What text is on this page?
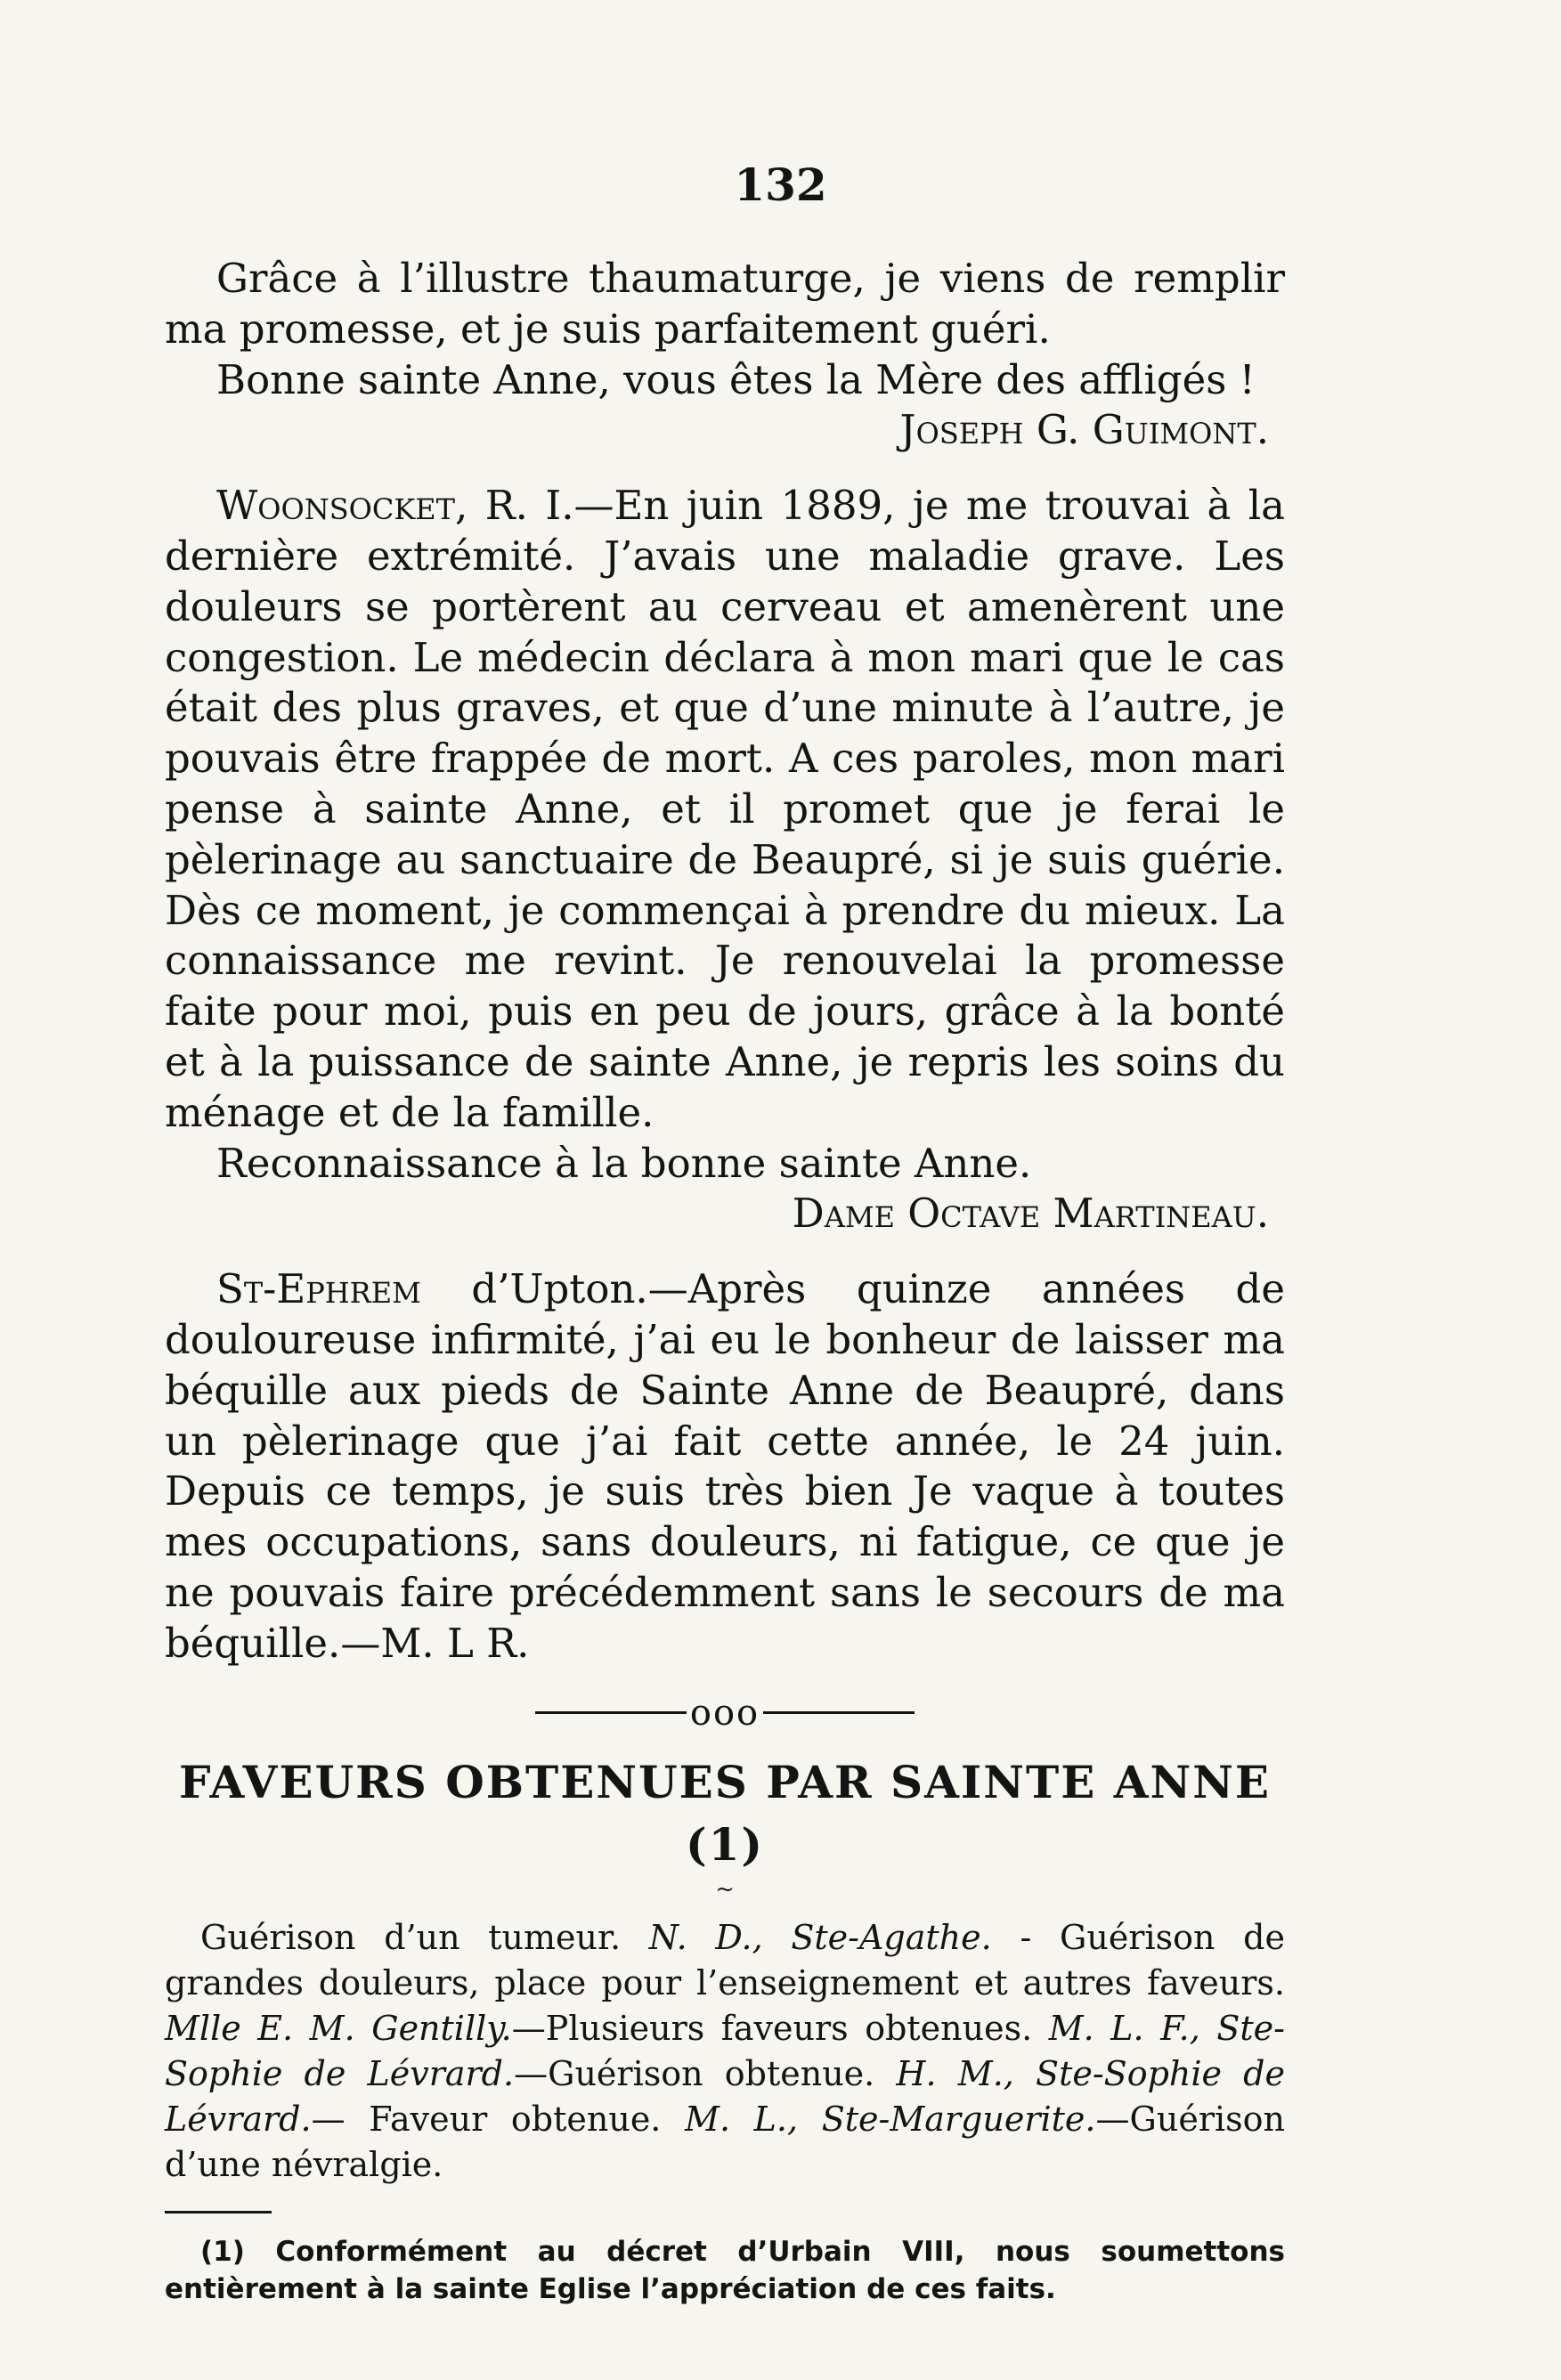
132

Grâce à l’illustre thaumaturge, je viens de remplir ma promesse, et je suis parfaitement guéri.

Bonne sainte Anne, vous êtes la Mère des affligés !

Joseph G. Guimont.

Woonsocket, R. I.—En juin 1889, je me trouvai à la dernière extrémité. J’avais une maladie grave. Les douleurs se portèrent au cerveau et amenèrent une congestion. Le médecin déclara à mon mari que le cas était des plus graves, et que d’une minute à l’autre, je pouvais être frappée de mort. A ces paroles, mon mari pense à sainte Anne, et il promet que je ferai le pèlerinage au sanctuaire de Beaupré, si je suis guérie. Dès ce moment, je commençai à prendre du mieux. La connaissance me revint. Je renouvelai la promesse faite pour moi, puis en peu de jours, grâce à la bonté et à la puissance de sainte Anne, je repris les soins du ménage et de la famille.

Reconnaissance à la bonne sainte Anne.

Dame Octave Martineau.

St-Ephrem d’Upton.—Après quinze années de douloureuse infirmité, j’ai eu le bonheur de laisser ma béquille aux pieds de Sainte Anne de Beaupré, dans un pèlerinage que j’ai fait cette année, le 24 juin. Depuis ce temps, je suis très bien Je vaque à toutes mes occupations, sans douleurs, ni fatigue, ce que je ne pouvais faire précédemment sans le secours de ma béquille.—M. L R.

ooo
FAVEURS OBTENUES PAR SAINTE ANNE (1)

~

Guérison d’un tumeur. N. D., Ste-Agathe. - Guérison de grandes douleurs, place pour l’enseignement et autres faveurs. Mlle E. M. Gentilly.—Plusieurs faveurs obtenues. M. L. F., Ste-Sophie de Lévrard.—Guérison obtenue. H. M., Ste-Sophie de Lévrard.— Faveur obtenue. M. L., Ste-Marguerite.—Guérison d’une névralgie.

(1) Conformément au décret d’Urbain VIII, nous soumettons entièrement à la sainte Eglise l’appréciation de ces faits.
